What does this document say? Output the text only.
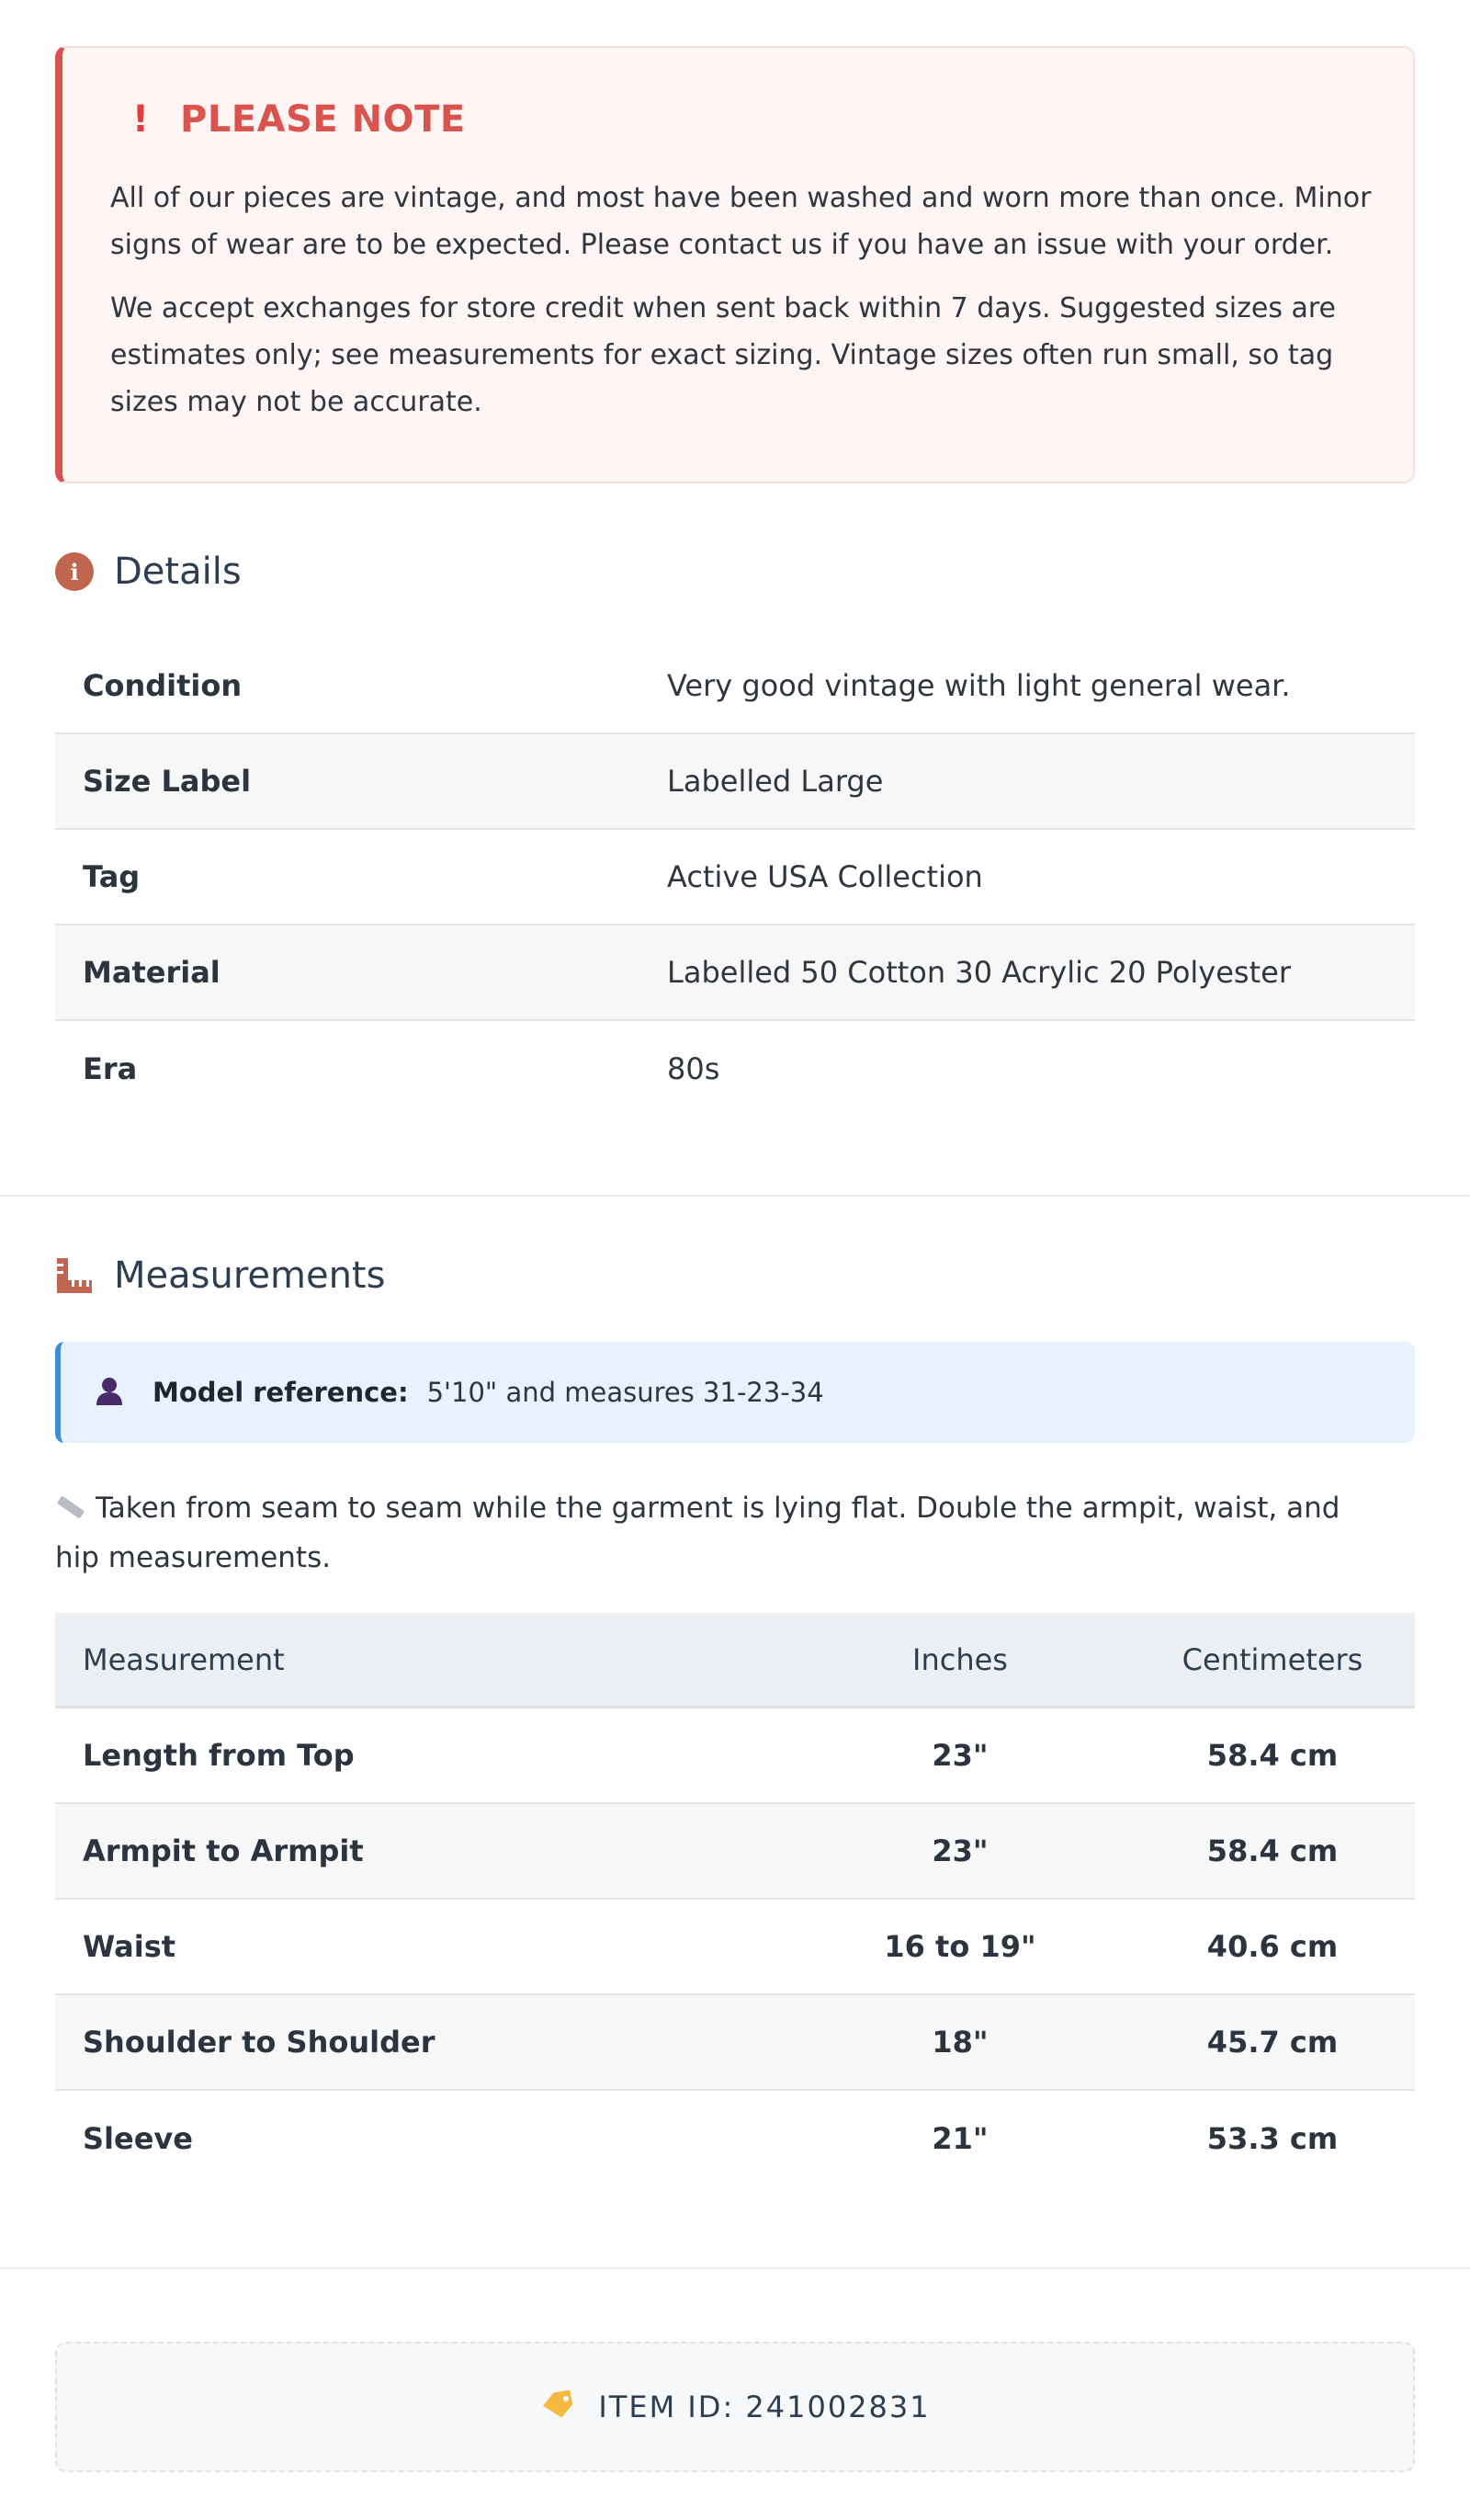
! PLEASE NOTE

All of our pieces are vintage, and most have been washed and worn more than once. Minor signs of wear are to be expected. Please contact us if you have an issue with your order.

We accept exchanges for store credit when sent back within 7 days. Suggested sizes are estimates only; see measurements for exact sizing. Vintage sizes often run small, so tag sizes may not be accurate.

i Details
Condition	Very good vintage with light general wear.
Size Label	Labelled Large
Tag	Active USA Collection
Material	Labelled 50 Cotton 30 Acrylic 20 Polyester
Era	80s
Measurements
Model reference: 5'10" and measures 31-23-34

Taken from seam to seam while the garment is lying flat. Double the armpit, waist, and hip measurements.

Measurement	Inches	Centimeters
Length from Top	23"	58.4 cm
Armpit to Armpit	23"	58.4 cm
Waist	16 to 19"	40.6 cm
Shoulder to Shoulder	18"	45.7 cm
Sleeve	21"	53.3 cm
ITEM ID: 241002831
